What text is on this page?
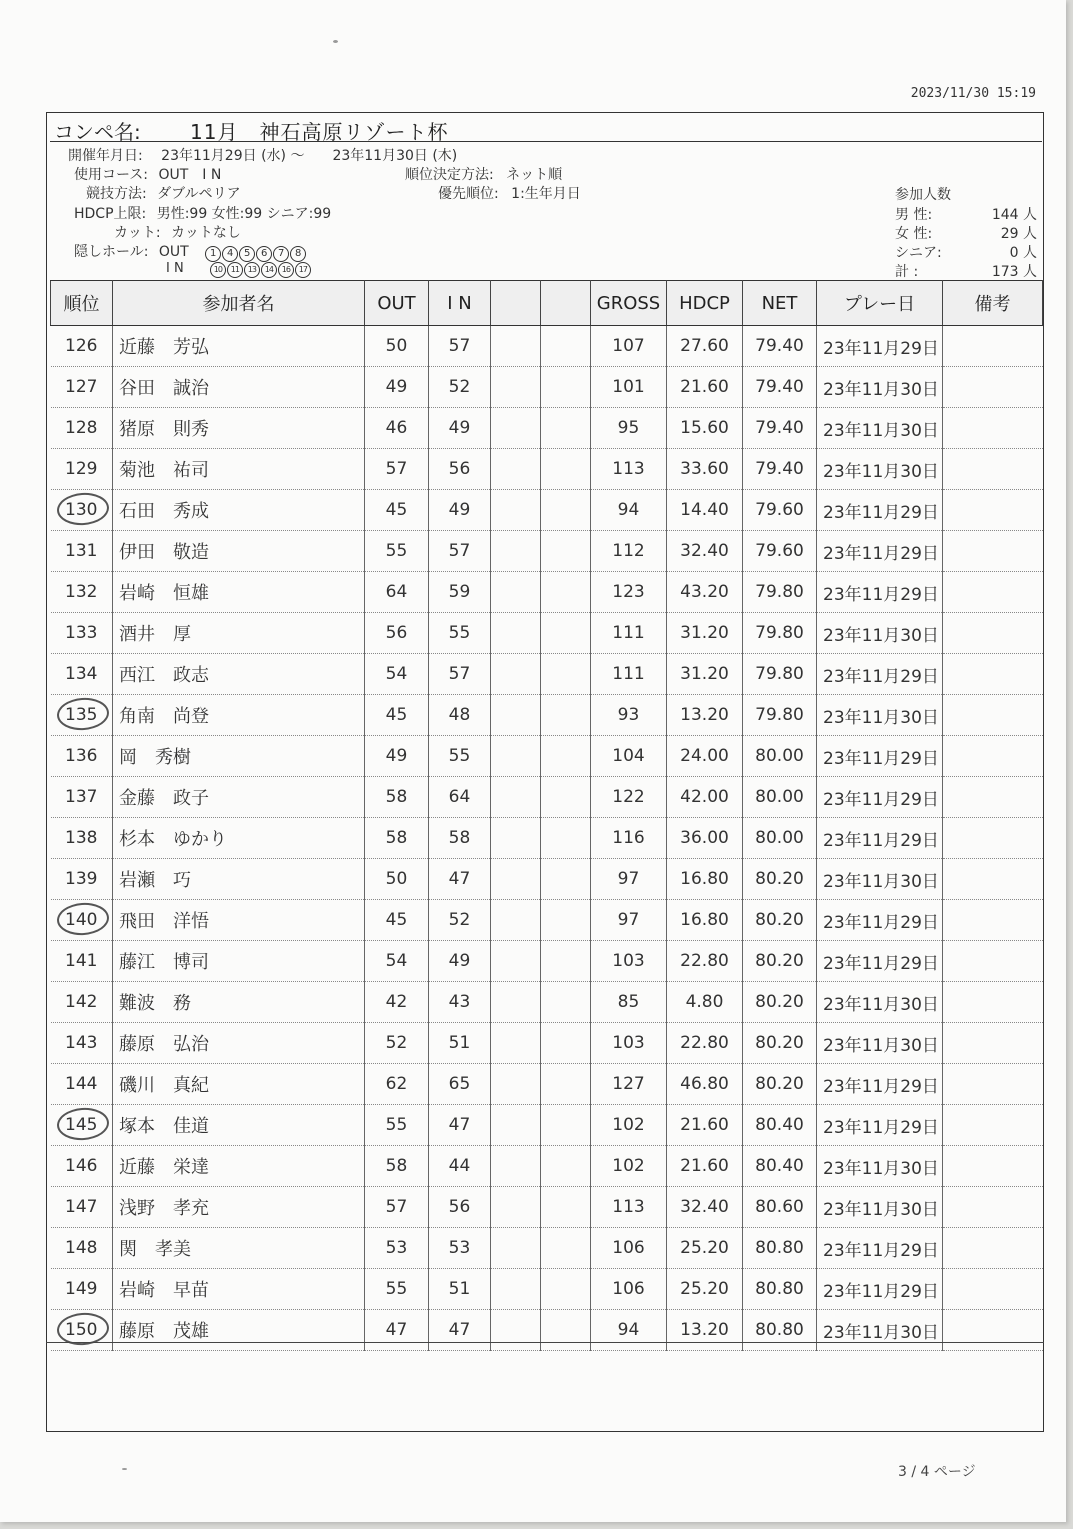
2023/11/30 15:19
コンペ名: 11月　神石高原リゾート杯
開催年月日: 23年11月29日 (水) ～　　23年11月30日 (木)
使用コース: OUT　I N	順位決定方法: ネット順
競技方法: ダブルペリア	優先順位: 1:生年月日
HDCP上限: 男性:99 女性:99 シニア:99
カット: カットなし
隠しホール: OUT 1 4 5 6 7 8
I N	10 11 13 14 16 17
参加人数
男 性:	144 人
女 性:	29 人
シニア:	0 人
計 :	173 人
順位	参加者名	OUT	I N			GROSS	HDCP	NET	プレー日	備考
126	近藤　芳弘	50	57			107	27.60	79.40	23年11月29日	
127	谷田　誠治	49	52			101	21.60	79.40	23年11月30日	
128	猪原　則秀	46	49			95	15.60	79.40	23年11月30日	
129	菊池　祐司	57	56			113	33.60	79.40	23年11月30日	
130	石田　秀成	45	49			94	14.40	79.60	23年11月29日	
131	伊田　敬造	55	57			112	32.40	79.60	23年11月29日	
132	岩崎　恒雄	64	59			123	43.20	79.80	23年11月29日	
133	酒井　厚	56	55			111	31.20	79.80	23年11月30日	
134	西江　政志	54	57			111	31.20	79.80	23年11月29日	
135	角南　尚登	45	48			93	13.20	79.80	23年11月30日	
136	岡　秀樹	49	55			104	24.00	80.00	23年11月29日	
137	金藤　政子	58	64			122	42.00	80.00	23年11月29日	
138	杉本　ゆかり	58	58			116	36.00	80.00	23年11月29日	
139	岩瀬　巧	50	47			97	16.80	80.20	23年11月30日	
140	飛田　洋悟	45	52			97	16.80	80.20	23年11月29日	
141	藤江　博司	54	49			103	22.80	80.20	23年11月29日	
142	難波　務	42	43			85	4.80	80.20	23年11月30日	
143	藤原　弘治	52	51			103	22.80	80.20	23年11月30日	
144	磯川　真紀	62	65			127	46.80	80.20	23年11月29日	
145	塚本　佳道	55	47			102	21.60	80.40	23年11月29日	
146	近藤　栄達	58	44			102	21.60	80.40	23年11月30日	
147	浅野　孝充	57	56			113	32.40	80.60	23年11月30日	
148	関　孝美	53	53			106	25.20	80.80	23年11月29日	
149	岩崎　早苗	55	51			106	25.20	80.80	23年11月29日	
150	藤原　茂雄	47	47			94	13.20	80.80	23年11月30日	
3 / 4 ページ
